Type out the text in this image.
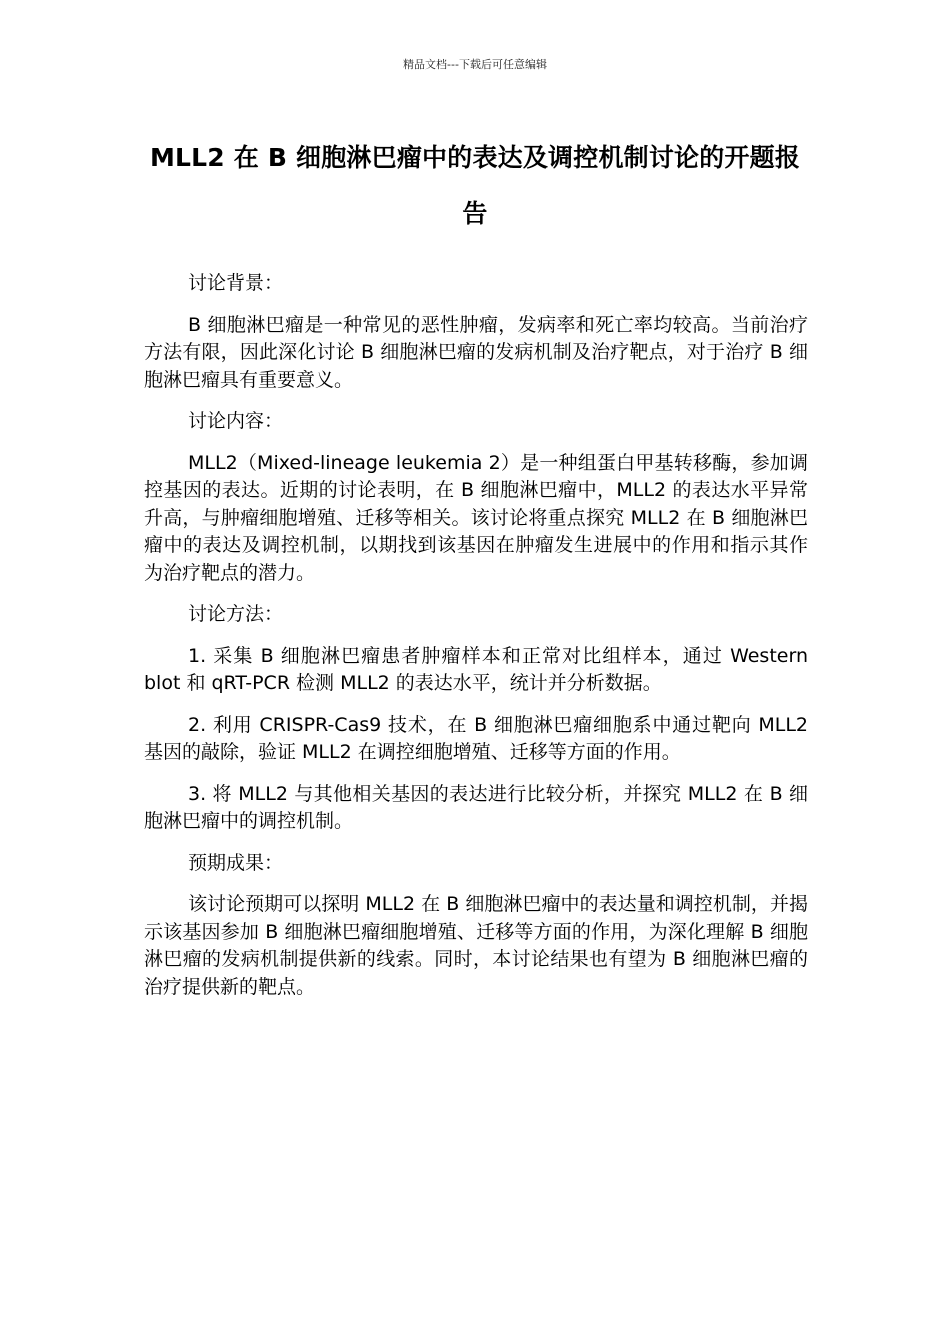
精品文档---下载后可任意编辑
MLL2 在 B 细胞淋巴瘤中的表达及调控机制讨论的开题报告

讨论背景：

B 细胞淋巴瘤是一种常见的恶性肿瘤，发病率和死亡率均较高。当前治疗方法有限，因此深化讨论 B 细胞淋巴瘤的发病机制及治疗靶点，对于治疗 B 细胞淋巴瘤具有重要意义。

讨论内容：

MLL2（Mixed-lineage leukemia 2）是一种组蛋白甲基转移酶，参加调控基因的表达。近期的讨论表明，在 B 细胞淋巴瘤中，MLL2 的表达水平异常升高，与肿瘤细胞增殖、迁移等相关。该讨论将重点探究 MLL2 在 B 细胞淋巴瘤中的表达及调控机制，以期找到该基因在肿瘤发生进展中的作用和指示其作为治疗靶点的潜力。

讨论方法：

1. 采集 B 细胞淋巴瘤患者肿瘤样本和正常对比组样本，通过 Western blot 和 qRT-PCR 检测 MLL2 的表达水平，统计并分析数据。

2. 利用 CRISPR-Cas9 技术，在 B 细胞淋巴瘤细胞系中通过靶向 MLL2 基因的敲除，验证 MLL2 在调控细胞增殖、迁移等方面的作用。

3. 将 MLL2 与其他相关基因的表达进行比较分析，并探究 MLL2 在 B 细胞淋巴瘤中的调控机制。

预期成果：

该讨论预期可以探明 MLL2 在 B 细胞淋巴瘤中的表达量和调控机制，并揭示该基因参加 B 细胞淋巴瘤细胞增殖、迁移等方面的作用，为深化理解 B 细胞淋巴瘤的发病机制提供新的线索。同时，本讨论结果也有望为 B 细胞淋巴瘤的治疗提供新的靶点。
